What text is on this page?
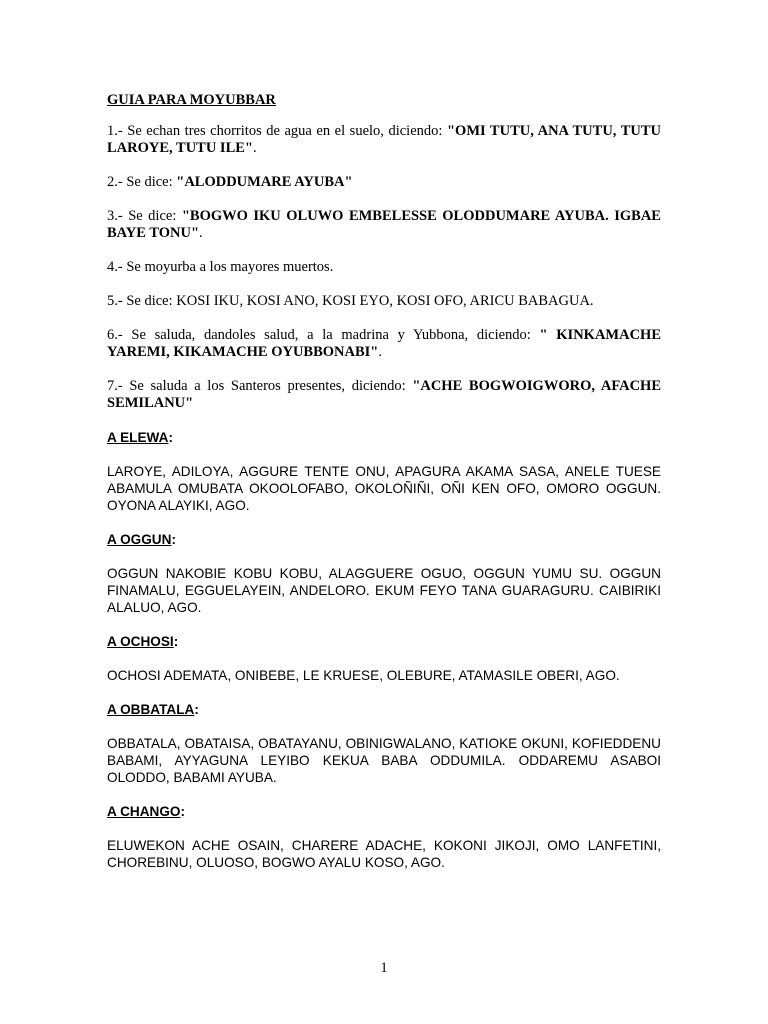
GUIA PARA MOYUBBAR

1.- Se echan tres chorritos de agua en el suelo, diciendo: "OMI TUTU, ANA TUTU, TUTU LAROYE, TUTU ILE".

2.- Se dice: "ALODDUMARE AYUBA"

3.- Se dice: "BOGWO IKU OLUWO EMBELESSE OLODDUMARE AYUBA. IGBAE BAYE TONU".

4.- Se moyurba a los mayores muertos.

5.- Se dice: KOSI IKU, KOSI ANO, KOSI EYO, KOSI OFO, ARICU BABAGUA.

6.- Se saluda, dandoles salud, a la madrina y Yubbona, diciendo: " KINKAMACHE YAREMI, KIKAMACHE OYUBBONABI".

7.- Se saluda a los Santeros presentes, diciendo: "ACHE BOGWOIGWORO, AFACHE SEMILANU"

A ELEWA:

LAROYE, ADILOYA, AGGURE TENTE ONU, APAGURA AKAMA SASA, ANELE TUESE ABAMULA OMUBATA OKOOLOFABO, OKOLOÑIÑI, OÑI KEN OFO, OMORO OGGUN. OYONA ALAYIKI, AGO.

A OGGUN:

OGGUN NAKOBIE KOBU KOBU, ALAGGUERE OGUO, OGGUN YUMU SU. OGGUN FINAMALU, EGGUELAYEIN, ANDELORO. EKUM FEYO TANA GUARAGURU. CAIBIRIKI ALALUO, AGO.

A OCHOSI:

OCHOSI ADEMATA, ONIBEBE, LE KRUESE, OLEBURE, ATAMASILE OBERI, AGO.

A OBBATALA:

OBBATALA, OBATAISA, OBATAYANU, OBINIGWALANO, KATIOKE OKUNI, KOFIEDDENU BABAMI, AYYAGUNA LEYIBO KEKUA BABA ODDUMILA. ODDAREMU ASABOI OLODDO, BABAMI AYUBA.

A CHANGO:

ELUWEKON ACHE OSAIN, CHARERE ADACHE, KOKONI JIKOJI, OMO LANFETINI, CHOREBINU, OLUOSO, BOGWO AYALU KOSO, AGO.

1
